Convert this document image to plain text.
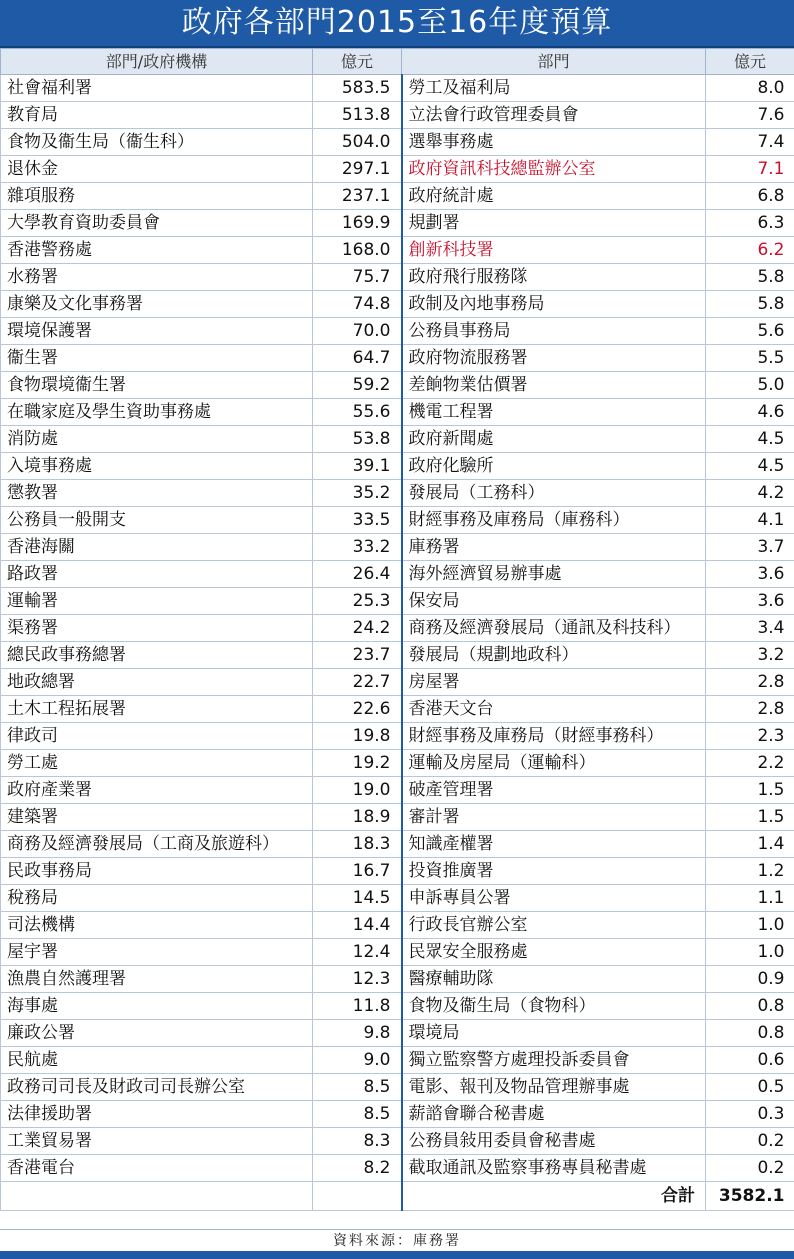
政府各部門2015至16年度預算
部門/政府機構	億元	部門	億元
社會福利署	583.5	勞工及福利局	8.0
教育局	513.8	立法會行政管理委員會	7.6
食物及衞生局（衞生科）	504.0	選舉事務處	7.4
退休金	297.1	政府資訊科技總監辦公室	7.1
雜項服務	237.1	政府統計處	6.8
大學教育資助委員會	169.9	規劃署	6.3
香港警務處	168.0	創新科技署	6.2
水務署	75.7	政府飛行服務隊	5.8
康樂及文化事務署	74.8	政制及內地事務局	5.8
環境保護署	70.0	公務員事務局	5.6
衞生署	64.7	政府物流服務署	5.5
食物環境衞生署	59.2	差餉物業估價署	5.0
在職家庭及學生資助事務處	55.6	機電工程署	4.6
消防處	53.8	政府新聞處	4.5
入境事務處	39.1	政府化驗所	4.5
懲教署	35.2	發展局（工務科）	4.2
公務員一般開支	33.5	財經事務及庫務局（庫務科）	4.1
香港海關	33.2	庫務署	3.7
路政署	26.4	海外經濟貿易辦事處	3.6
運輸署	25.3	保安局	3.6
渠務署	24.2	商務及經濟發展局（通訊及科技科）	3.4
總民政事務總署	23.7	發展局（規劃地政科）	3.2
地政總署	22.7	房屋署	2.8
土木工程拓展署	22.6	香港天文台	2.8
律政司	19.8	財經事務及庫務局（財經事務科）	2.3
勞工處	19.2	運輸及房屋局（運輸科）	2.2
政府產業署	19.0	破產管理署	1.5
建築署	18.9	審計署	1.5
商務及經濟發展局（工商及旅遊科）	18.3	知識產權署	1.4
民政事務局	16.7	投資推廣署	1.2
稅務局	14.5	申訴專員公署	1.1
司法機構	14.4	行政長官辦公室	1.0
屋宇署	12.4	民眾安全服務處	1.0
漁農自然護理署	12.3	醫療輔助隊	0.9
海事處	11.8	食物及衞生局（食物科）	0.8
廉政公署	9.8	環境局	0.8
民航處	9.0	獨立監察警方處理投訴委員會	0.6
政務司司長及財政司司長辦公室	8.5	電影、報刊及物品管理辦事處	0.5
法律援助署	8.5	薪諮會聯合秘書處	0.3
工業貿易署	8.3	公務員敍用委員會秘書處	0.2
香港電台	8.2	截取通訊及監察事務專員秘書處	0.2
		合計	3582.1
資料來源：庫務署
